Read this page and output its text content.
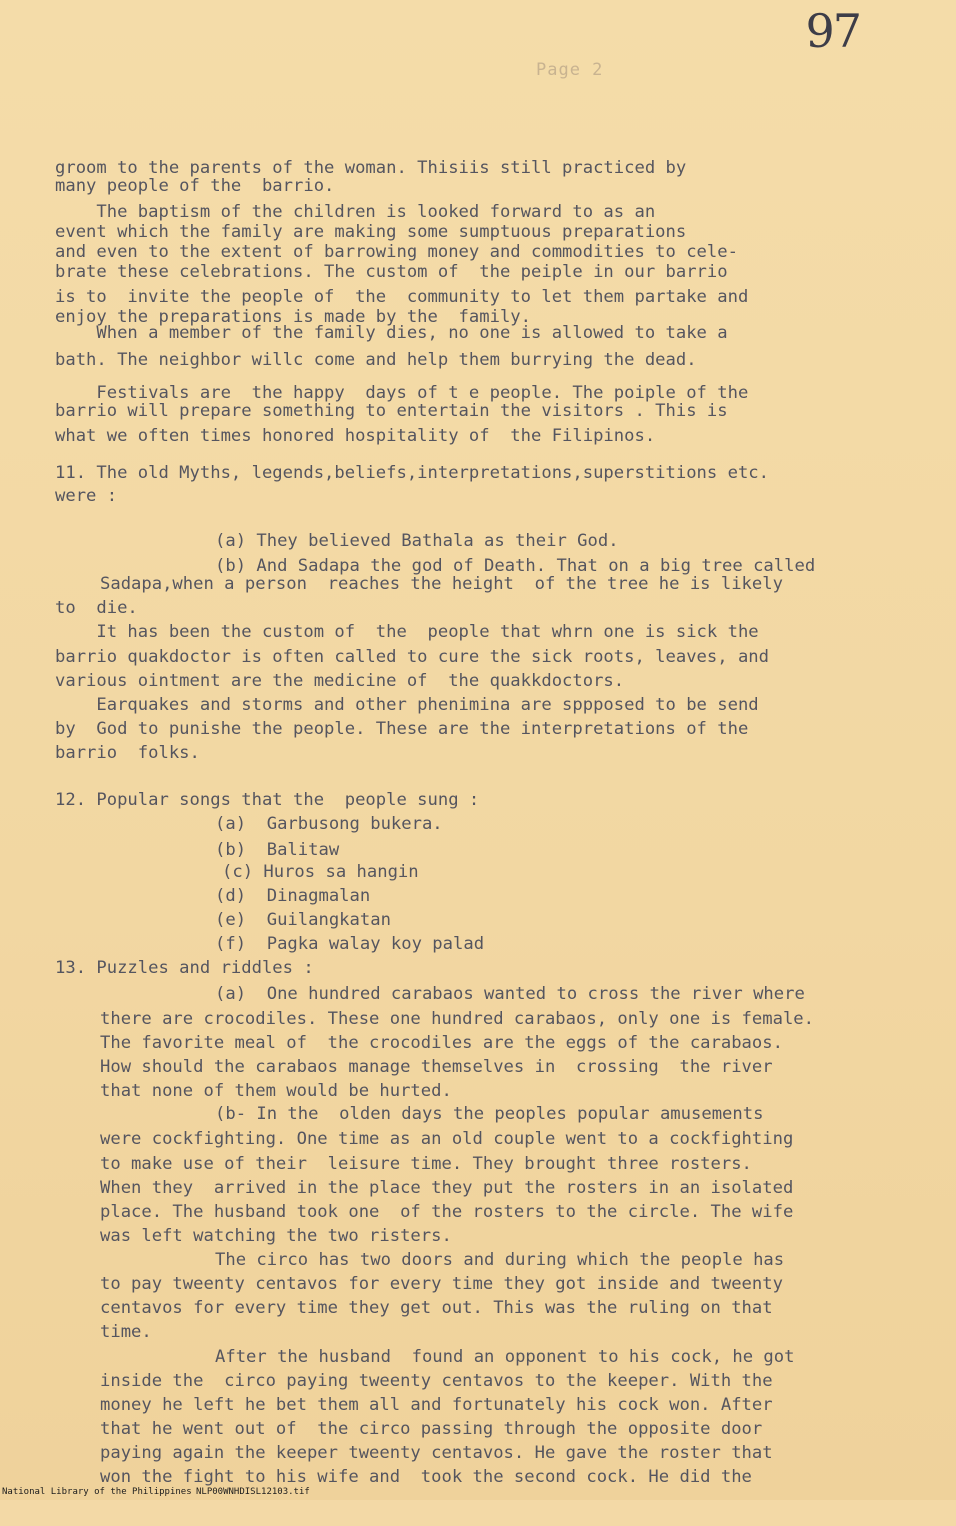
97
Page 2
groom to the parents of the woman. Thisiis still practiced by
many people of the  barrio.
The baptism of the children is looked forward to as an
event which the family are making some sumptuous preparations
and even to the extent of barrowing money and commodities to cele-
brate these celebrations. The custom of  the peiple in our barrio
is to  invite the people of  the  community to let them partake and
enjoy the preparations is made by the  family.
When a member of the family dies, no one is allowed to take a
bath. The neighbor willc come and help them burrying the dead.
Festivals are  the happy  days of t e people. The poiple of the
barrio will prepare something to entertain the visitors . This is
what we often times honored hospitality of  the Filipinos.
11. The old Myths, legends,beliefs,interpretations,superstitions etc.
were :
(a) They believed Bathala as their God.
(b) And Sadapa the god of Death. That on a big tree called
Sadapa,when a person  reaches the height  of the tree he is likely
to  die.
It has been the custom of  the  people that whrn one is sick the
barrio quakdoctor is often called to cure the sick roots, leaves, and
various ointment are the medicine of  the quakkdoctors.
Earquakes and storms and other phenimina are sppposed to be send
by  God to punishe the people. These are the interpretations of the
barrio  folks.
12. Popular songs that the  people sung :
(a)  Garbusong bukera.
(b)  Balitaw
(c) Huros sa hangin
(d)  Dinagmalan
(e)  Guilangkatan
(f)  Pagka walay koy palad
13. Puzzles and riddles :
(a)  One hundred carabaos wanted to cross the river where
there are crocodiles. These one hundred carabaos, only one is female.
The favorite meal of  the crocodiles are the eggs of the carabaos.
How should the carabaos manage themselves in  crossing  the river
that none of them would be hurted.
(b- In the  olden days the peoples popular amusements
were cockfighting. One time as an old couple went to a cockfighting
to make use of their  leisure time. They brought three rosters.
When they  arrived in the place they put the rosters in an isolated
place. The husband took one  of the rosters to the circle. The wife
was left watching the two risters.
The circo has two doors and during which the people has
to pay tweenty centavos for every time they got inside and tweenty
centavos for every time they get out. This was the ruling on that
time.
After the husband  found an opponent to his cock, he got
inside the  circo paying tweenty centavos to the keeper. With the
money he left he bet them all and fortunately his cock won. After
that he went out of  the circo passing through the opposite door
paying again the keeper tweenty centavos. He gave the roster that
won the fight to his wife and  took the second cock. He did the

National Library of the Philippines

NLP00WNHDISL12103.tif
